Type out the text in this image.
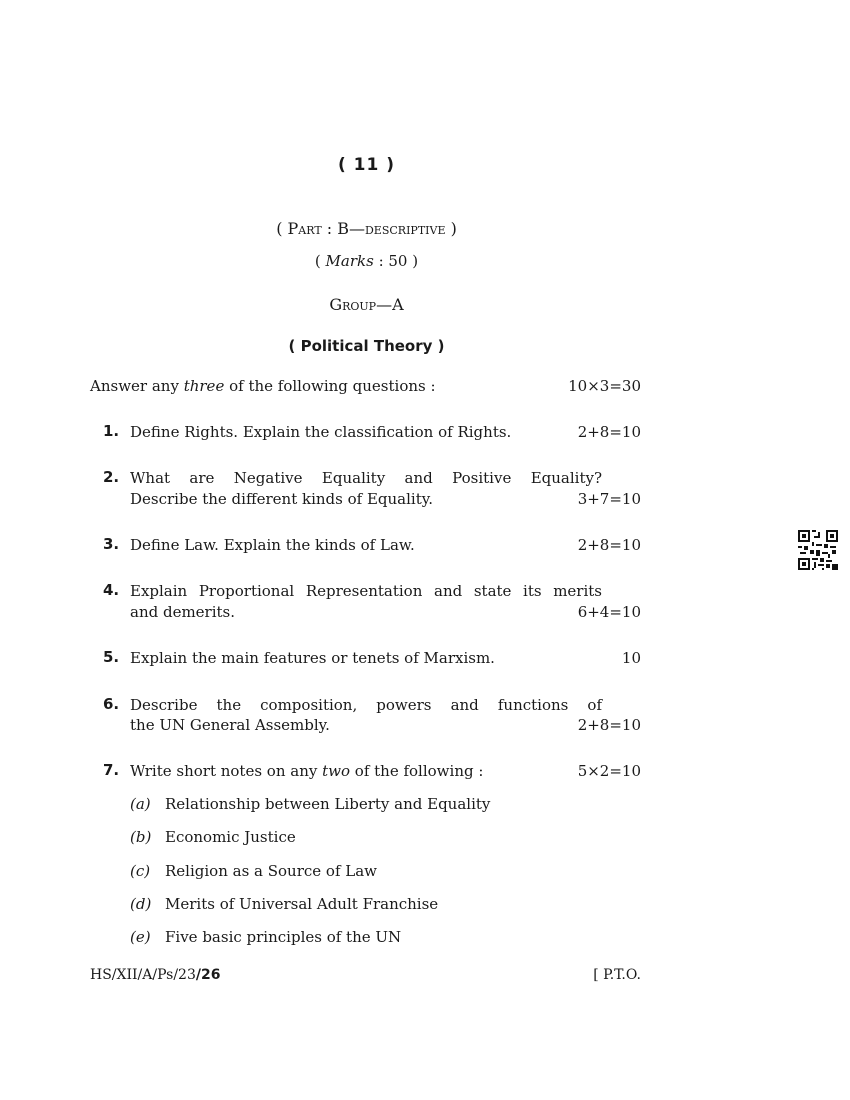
( 11 )
( Part : B—descriptive )
( Marks : 50 )
Group—A
( Political Theory )
Answer any three of the following questions :	10×3=30
1. Define Rights. Explain the classification of Rights.	2+8=10
2. What are Negative Equality and Positive Equality?
Describe the different kinds of Equality.	3+7=10
3. Define Law. Explain the kinds of Law.	2+8=10
4. Explain Proportional Representation and state its merits
and demerits.	6+4=10
5. Explain the main features or tenets of Marxism.	10
6. Describe the composition, powers and functions of
the UN General Assembly.	2+8=10
7. Write short notes on any two of the following :	5×2=10
(a) Relationship between Liberty and Equality
(b) Economic Justice
(c) Religion as a Source of Law
(d) Merits of Universal Adult Franchise
(e) Five basic principles of the UN
HS/XII/A/Ps/23/26	[ P.T.O.
